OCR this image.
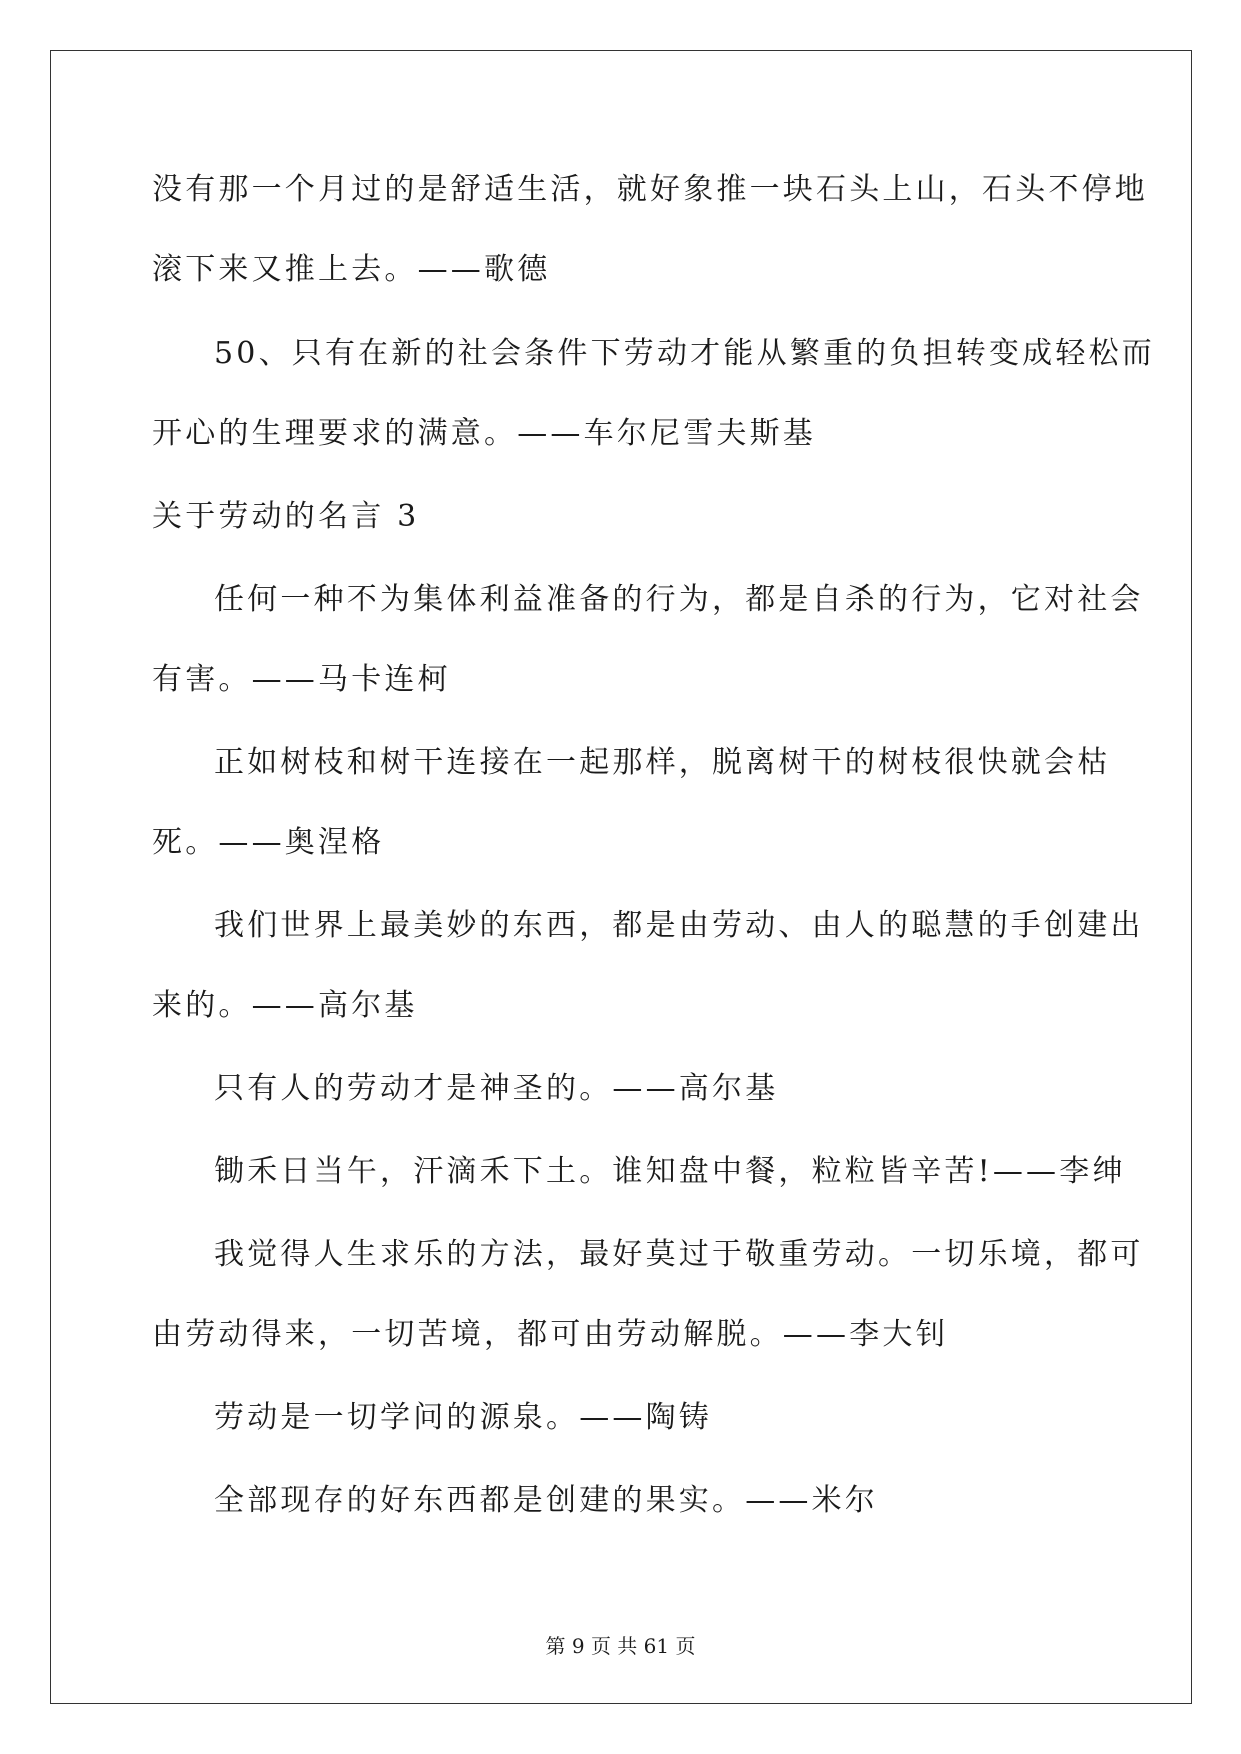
没有那一个月过的是舒适生活，就好象推一块石头上山，石头不停地
滚下来又推上去。——歌德
50、只有在新的社会条件下劳动才能从繁重的负担转变成轻松而
开心的生理要求的满意。——车尔尼雪夫斯基
关于劳动的名言 3
任何一种不为集体利益准备的行为，都是自杀的行为，它对社会
有害。——马卡连柯
正如树枝和树干连接在一起那样，脱离树干的树枝很快就会枯
死。——奥涅格
我们世界上最美妙的东西，都是由劳动、由人的聪慧的手创建出
来的。——高尔基
只有人的劳动才是神圣的。——高尔基
锄禾日当午，汗滴禾下土。谁知盘中餐，粒粒皆辛苦!——李绅
我觉得人生求乐的方法，最好莫过于敬重劳动。一切乐境，都可
由劳动得来，一切苦境，都可由劳动解脱。——李大钊
劳动是一切学问的源泉。——陶铸
全部现存的好东西都是创建的果实。——米尔
第 9 页 共 61 页
